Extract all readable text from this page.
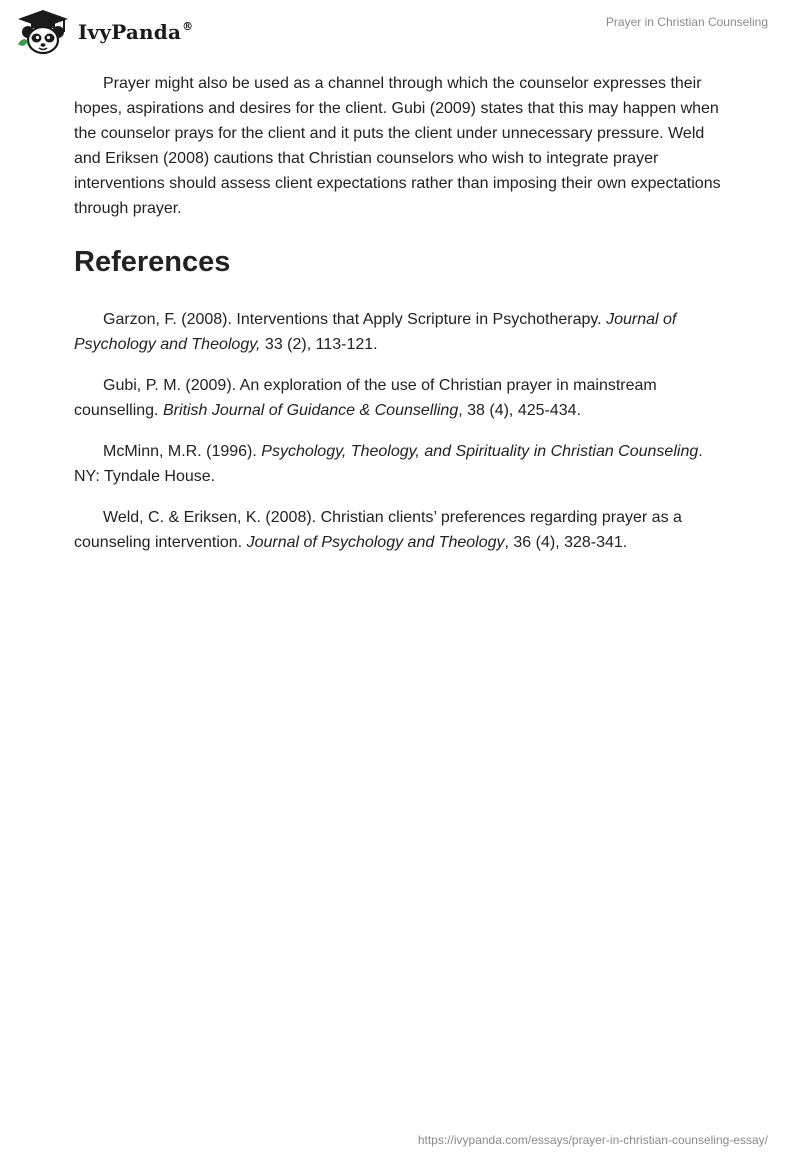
IvyPanda®	Prayer in Christian Counseling

Prayer might also be used as a channel through which the counselor expresses their hopes, aspirations and desires for the client. Gubi (2009) states that this may happen when the counselor prays for the client and it puts the client under unnecessary pressure. Weld and Eriksen (2008) cautions that Christian counselors who wish to integrate prayer interventions should assess client expectations rather than imposing their own expectations through prayer.

References

Garzon, F. (2008). Interventions that Apply Scripture in Psychotherapy. Journal of Psychology and Theology, 33 (2), 113-121.

Gubi, P. M. (2009). An exploration of the use of Christian prayer in mainstream counselling. British Journal of Guidance & Counselling, 38 (4), 425-434.

McMinn, M.R. (1996). Psychology, Theology, and Spirituality in Christian Counseling. NY: Tyndale House.

Weld, C. & Eriksen, K. (2008). Christian clients’ preferences regarding prayer as a counseling intervention. Journal of Psychology and Theology, 36 (4), 328-341.

https://ivypanda.com/essays/prayer-in-christian-counseling-essay/
